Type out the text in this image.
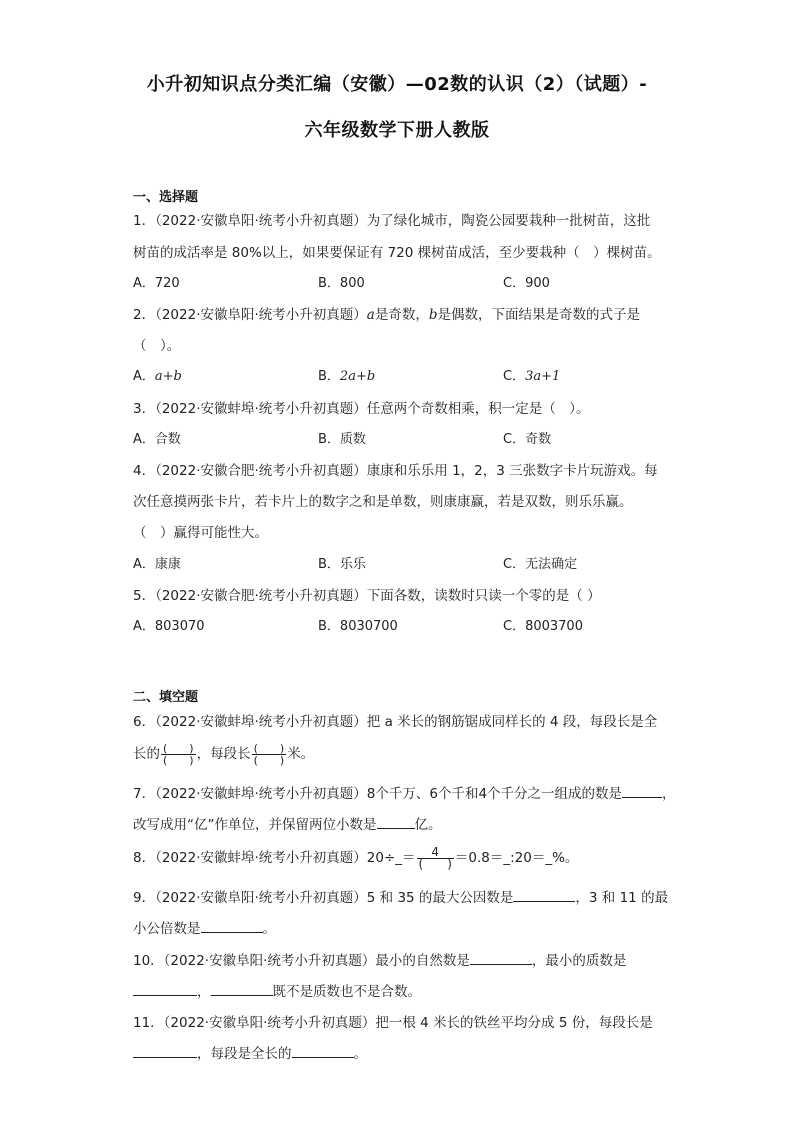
小升初知识点分类汇编（安徽）—02数的认识（2）（试题）-
六年级数学下册人教版
一、选择题
1．（2022·安徽阜阳·统考小升初真题）为了绿化城市，陶瓷公园要栽种一批树苗，这批
树苗的成活率是 80%以上，如果要保证有 720 棵树苗成活，至少要栽种（　）棵树苗。
A．720	B．800	C．900
2．（2022·安徽阜阳·统考小升初真题）a是奇数，b是偶数，下面结果是奇数的式子是
（　）。
A．a+b	B．2a+b	C．3a+1
3．（2022·安徽蚌埠·统考小升初真题）任意两个奇数相乘，积一定是（　）。
A．合数	B．质数	C．奇数
4．（2022·安徽合肥·统考小升初真题）康康和乐乐用 1，2，3 三张数字卡片玩游戏。每
次任意摸两张卡片，若卡片上的数字之和是单数，则康康赢，若是双数，则乐乐赢。
（　）赢得可能性大。
A．康康	B．乐乐	C．无法确定
5．（2022·安徽合肥·统考小升初真题）下面各数，读数时只读一个零的是（ ）
A．803070	B．8030700	C．8003700
二、填空题
6．（2022·安徽蚌埠·统考小升初真题）把 a 米长的钢筋锯成同样长的 4 段，每段长是全
长的 $\frac{( )}{( )}$ ，每段长 $\frac{( )}{( )}$ 米。
7．（2022·安徽蚌埠·统考小升初真题）8个千万、6个千和4个千分之一组成的数是	，
改写成用“亿”作单位，并保留两位小数是	亿。
8．（2022·安徽蚌埠·统考小升初真题）20÷_＝ $\frac{4}{( )}$ ＝0.8＝_:20＝_%。
9．（2022·安徽阜阳·统考小升初真题）5 和 35 的最大公因数是	，3 和 11 的最
小公倍数是	。
10．（2022·安徽阜阳·统考小升初真题）最小的自然数是	，最小的质数是
，	既不是质数也不是合数。
11．（2022·安徽阜阳·统考小升初真题）把一根 4 米长的铁丝平均分成 5 份，每段长是
，每段是全长的	。
